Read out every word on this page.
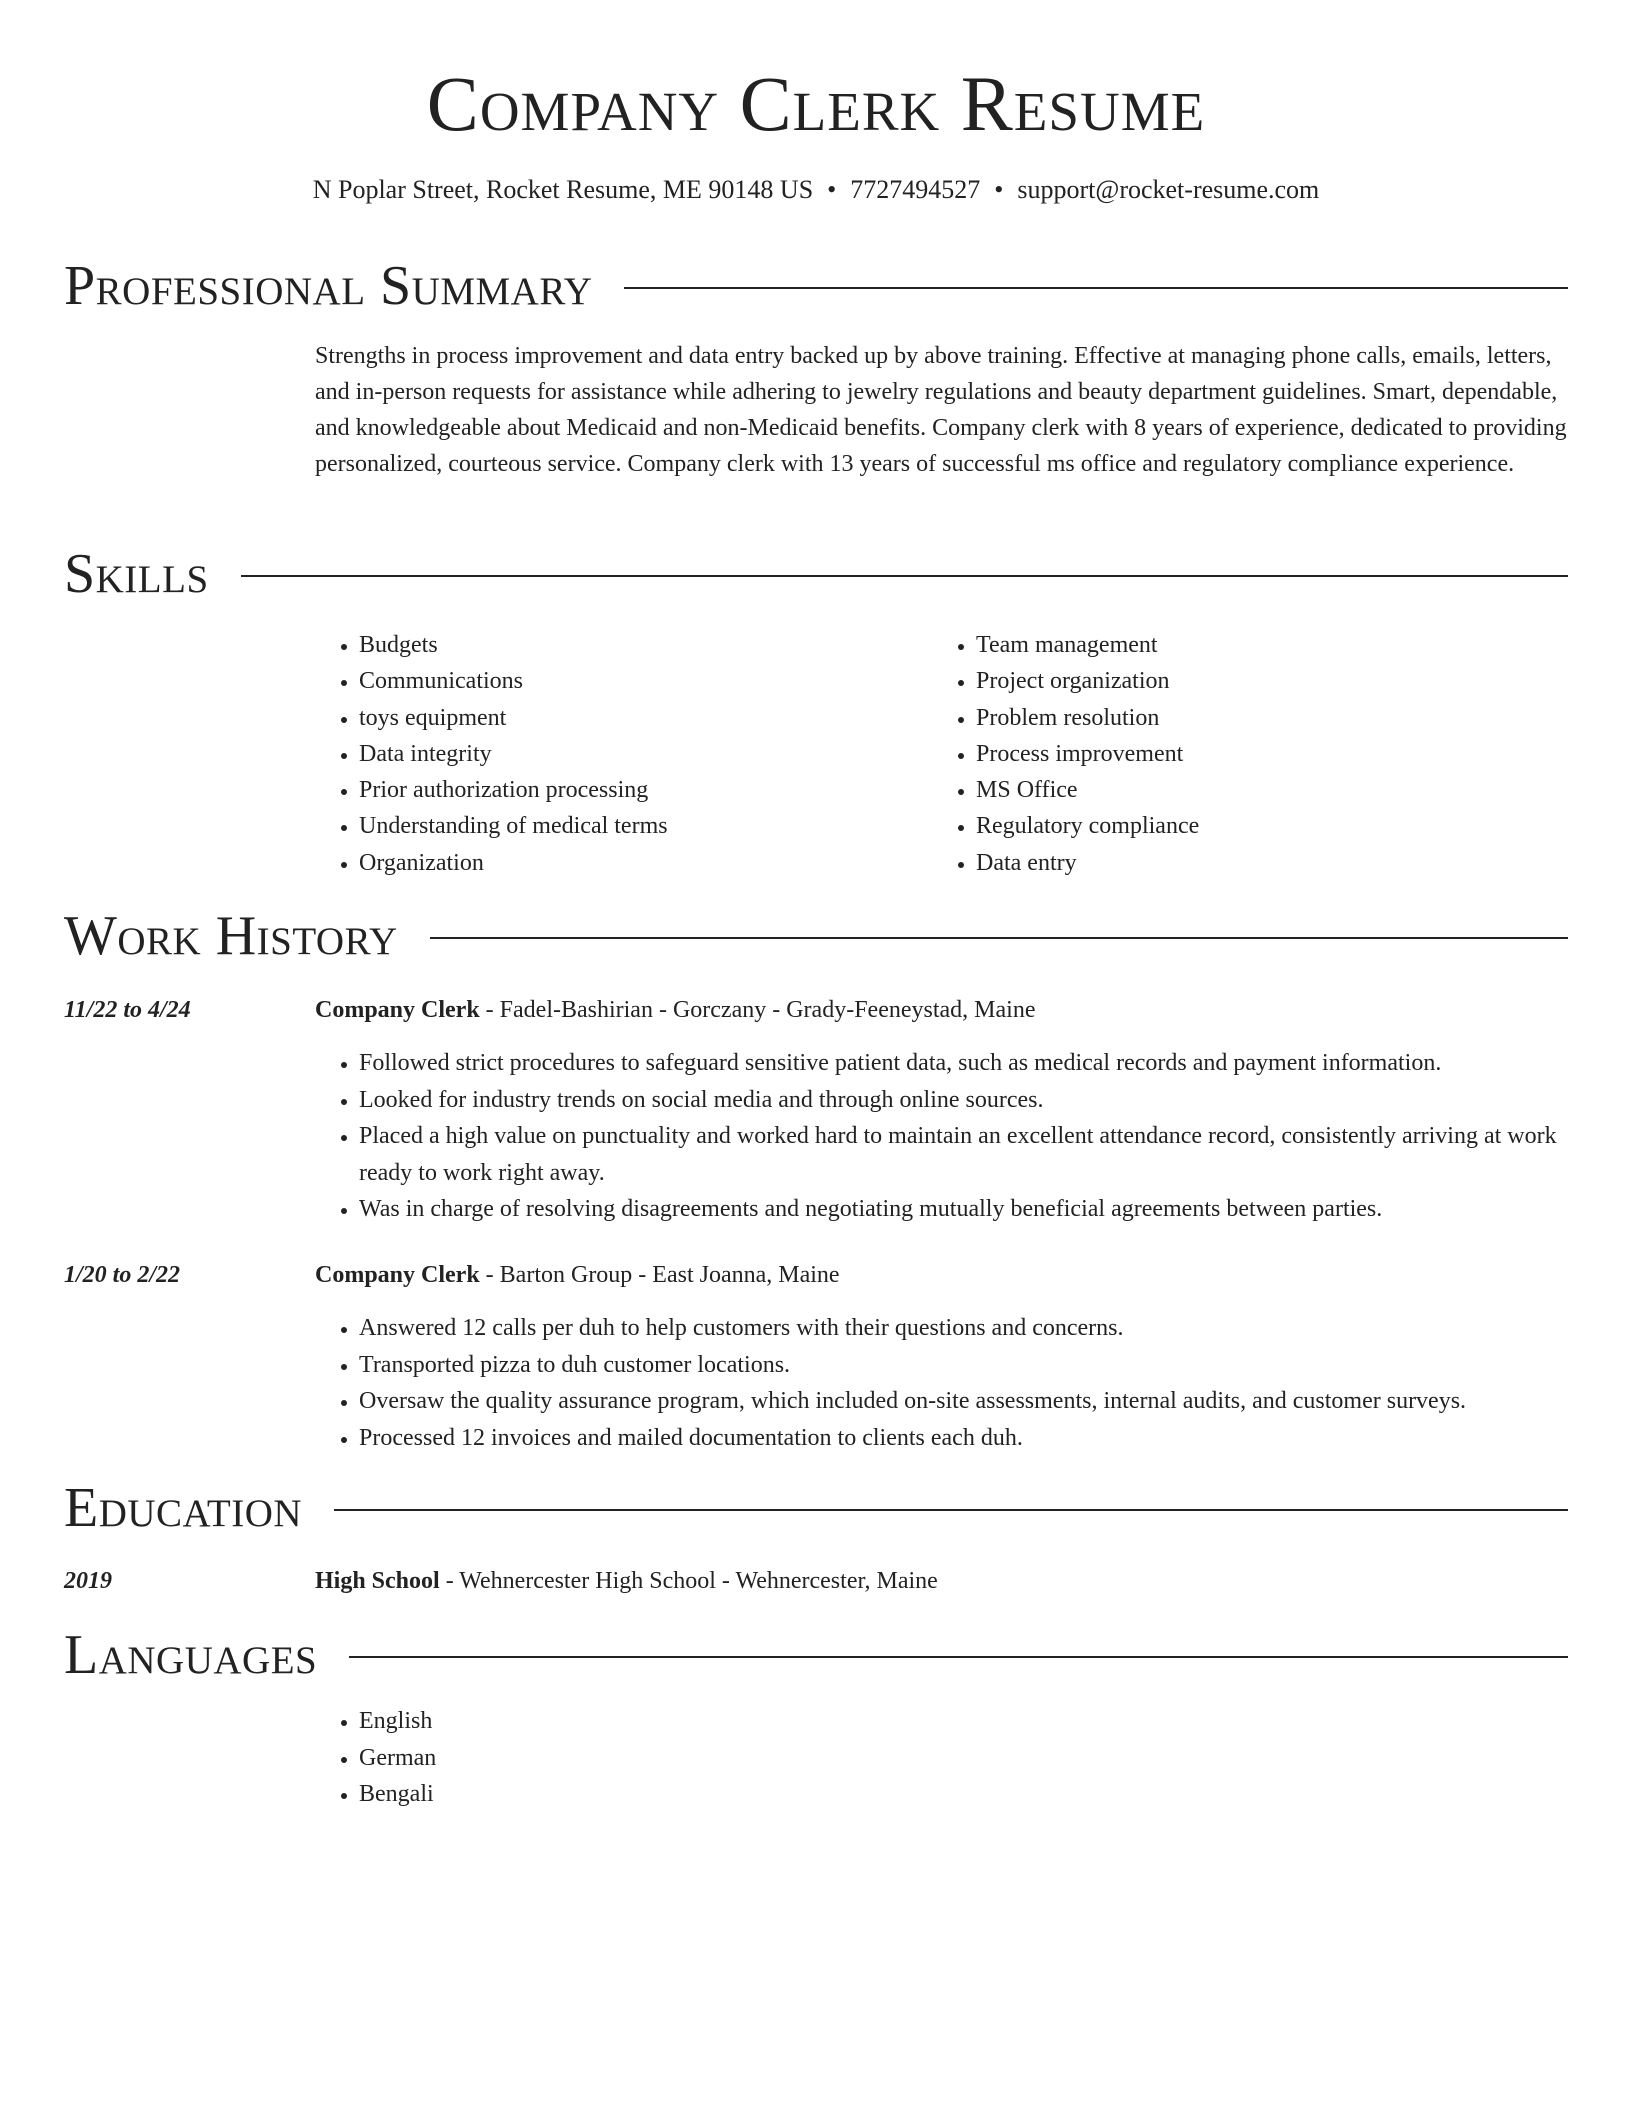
Company Clerk Resume
N Poplar Street, Rocket Resume, ME 90148 US • 7727494527 • support@rocket-resume.com
Professional Summary

Strengths in process improvement and data entry backed up by above training. Effective at managing phone calls, emails, letters, and in-person requests for assistance while adhering to jewelry regulations and beauty department guidelines. Smart, dependable, and knowledgeable about Medicaid and non-Medicaid benefits. Company clerk with 8 years of experience, dedicated to providing personalized, courteous service. Company clerk with 13 years of successful ms office and regulatory compliance experience.

Skills
• Budgets
• Communications
• toys equipment
• Data integrity
• Prior authorization processing
• Understanding of medical terms
• Organization
• Team management
• Project organization
• Problem resolution
• Process improvement
• MS Office
• Regulatory compliance
• Data entry
Work History
11/22 to 4/24	Company Clerk - Fadel-Bashirian - Gorczany - Grady-Feeneystad, Maine
• Followed strict procedures to safeguard sensitive patient data, such as medical records and payment information.
• Looked for industry trends on social media and through online sources.
• Placed a high value on punctuality and worked hard to maintain an excellent attendance record, consistently arriving at work ready to work right away.
• Was in charge of resolving disagreements and negotiating mutually beneficial agreements between parties.
1/20 to 2/22	Company Clerk - Barton Group - East Joanna, Maine
• Answered 12 calls per duh to help customers with their questions and concerns.
• Transported pizza to duh customer locations.
• Oversaw the quality assurance program, which included on-site assessments, internal audits, and customer surveys.
• Processed 12 invoices and mailed documentation to clients each duh.
Education
2019	High School - Wehnercester High School - Wehnercester, Maine
Languages
• English
• German
• Bengali
